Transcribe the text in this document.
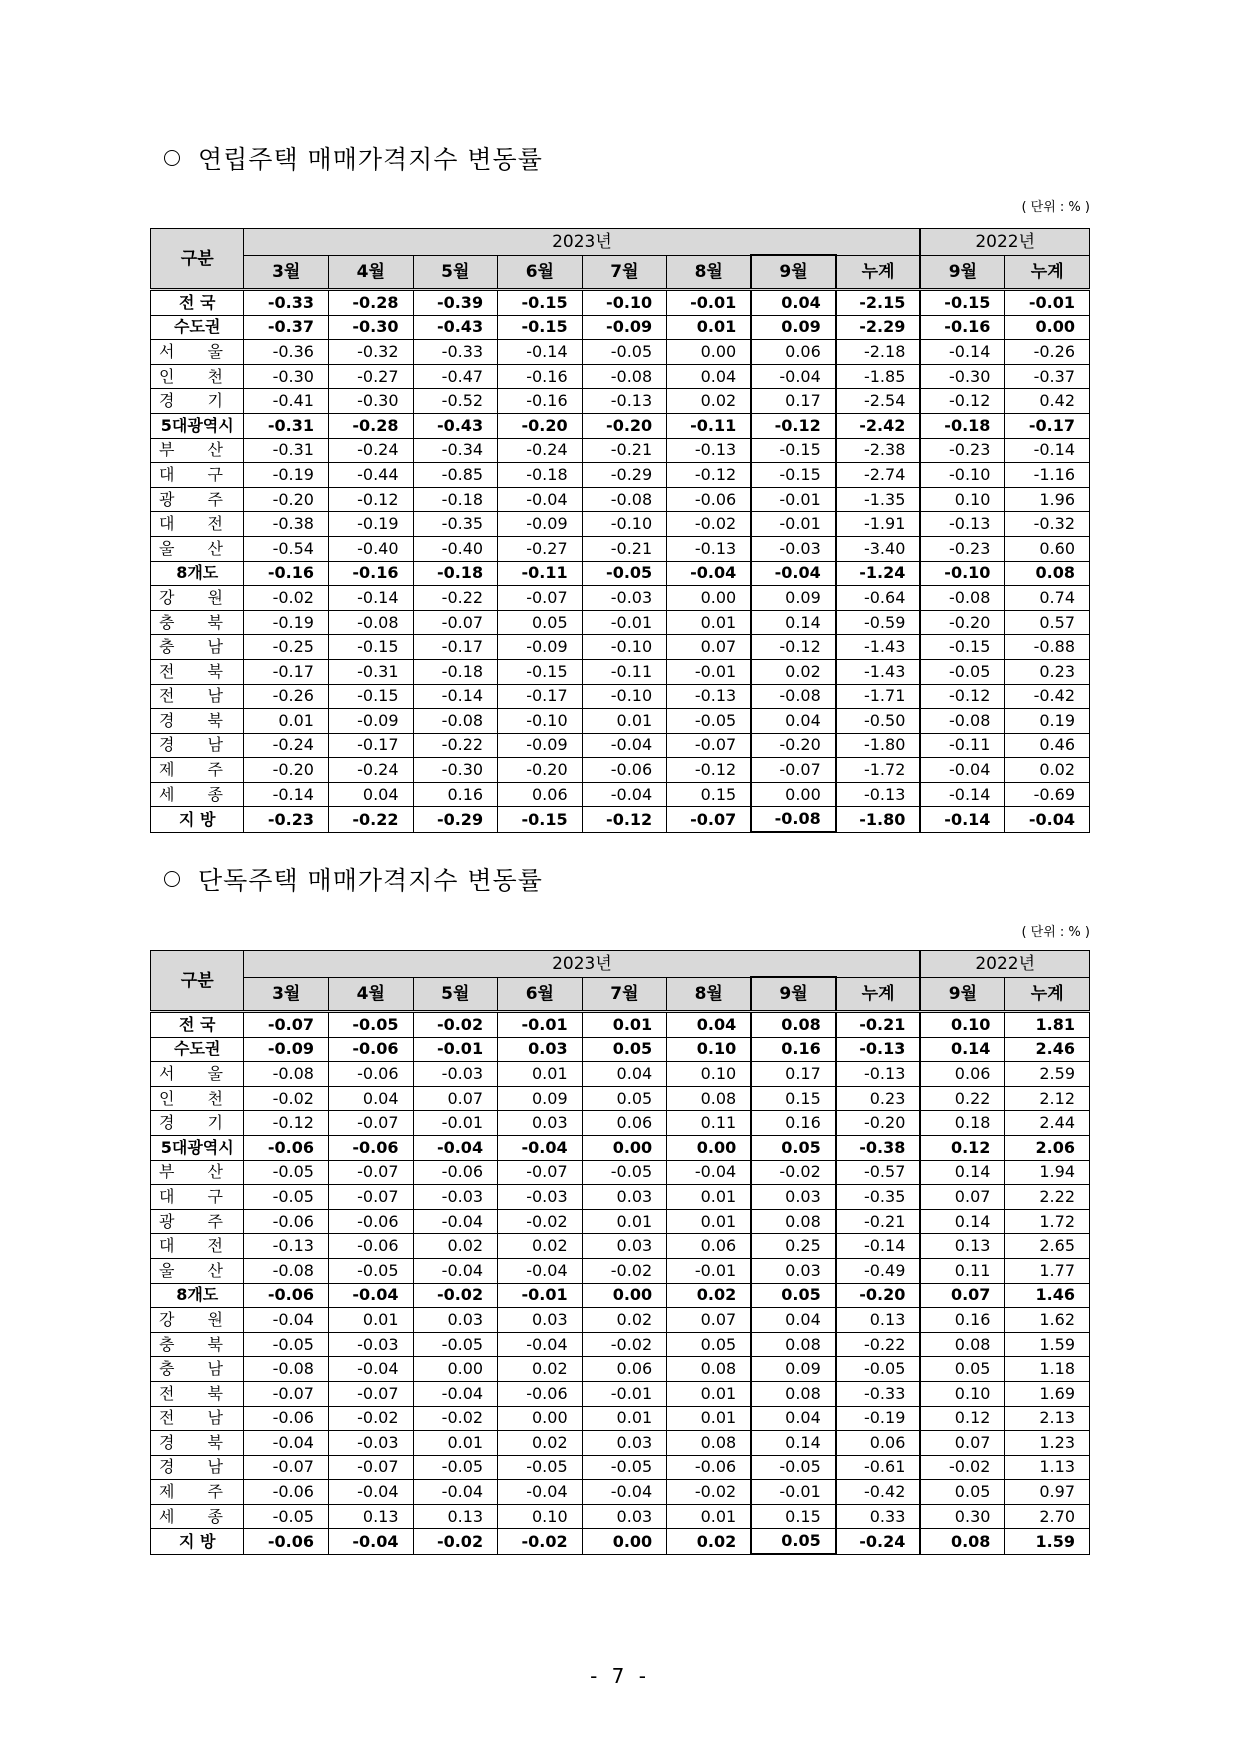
연립주택 매매가격지수 변동률
( 단위 : % )
구분	2023년								2022년	
	3월	4월	5월	6월	7월	8월	9월	누계	9월	누계
전 국	-0.33	-0.28	-0.39	-0.15	-0.10	-0.01	0.04	-2.15	-0.15	-0.01
수도권	-0.37	-0.30	-0.43	-0.15	-0.09	0.01	0.09	-2.29	-0.16	0.00
서 울	-0.36	-0.32	-0.33	-0.14	-0.05	0.00	0.06	-2.18	-0.14	-0.26
인 천	-0.30	-0.27	-0.47	-0.16	-0.08	0.04	-0.04	-1.85	-0.30	-0.37
경 기	-0.41	-0.30	-0.52	-0.16	-0.13	0.02	0.17	-2.54	-0.12	0.42
5대광역시	-0.31	-0.28	-0.43	-0.20	-0.20	-0.11	-0.12	-2.42	-0.18	-0.17
부 산	-0.31	-0.24	-0.34	-0.24	-0.21	-0.13	-0.15	-2.38	-0.23	-0.14
대 구	-0.19	-0.44	-0.85	-0.18	-0.29	-0.12	-0.15	-2.74	-0.10	-1.16
광 주	-0.20	-0.12	-0.18	-0.04	-0.08	-0.06	-0.01	-1.35	0.10	1.96
대 전	-0.38	-0.19	-0.35	-0.09	-0.10	-0.02	-0.01	-1.91	-0.13	-0.32
울 산	-0.54	-0.40	-0.40	-0.27	-0.21	-0.13	-0.03	-3.40	-0.23	0.60
8개도	-0.16	-0.16	-0.18	-0.11	-0.05	-0.04	-0.04	-1.24	-0.10	0.08
강 원	-0.02	-0.14	-0.22	-0.07	-0.03	0.00	0.09	-0.64	-0.08	0.74
충 북	-0.19	-0.08	-0.07	0.05	-0.01	0.01	0.14	-0.59	-0.20	0.57
충 남	-0.25	-0.15	-0.17	-0.09	-0.10	0.07	-0.12	-1.43	-0.15	-0.88
전 북	-0.17	-0.31	-0.18	-0.15	-0.11	-0.01	0.02	-1.43	-0.05	0.23
전 남	-0.26	-0.15	-0.14	-0.17	-0.10	-0.13	-0.08	-1.71	-0.12	-0.42
경 북	0.01	-0.09	-0.08	-0.10	0.01	-0.05	0.04	-0.50	-0.08	0.19
경 남	-0.24	-0.17	-0.22	-0.09	-0.04	-0.07	-0.20	-1.80	-0.11	0.46
제 주	-0.20	-0.24	-0.30	-0.20	-0.06	-0.12	-0.07	-1.72	-0.04	0.02
세 종	-0.14	0.04	0.16	0.06	-0.04	0.15	0.00	-0.13	-0.14	-0.69
지 방	-0.23	-0.22	-0.29	-0.15	-0.12	-0.07	-0.08	-1.80	-0.14	-0.04
단독주택 매매가격지수 변동률
( 단위 : % )
구분	2023년								2022년	
	3월	4월	5월	6월	7월	8월	9월	누계	9월	누계
전 국	-0.07	-0.05	-0.02	-0.01	0.01	0.04	0.08	-0.21	0.10	1.81
수도권	-0.09	-0.06	-0.01	0.03	0.05	0.10	0.16	-0.13	0.14	2.46
서 울	-0.08	-0.06	-0.03	0.01	0.04	0.10	0.17	-0.13	0.06	2.59
인 천	-0.02	0.04	0.07	0.09	0.05	0.08	0.15	0.23	0.22	2.12
경 기	-0.12	-0.07	-0.01	0.03	0.06	0.11	0.16	-0.20	0.18	2.44
5대광역시	-0.06	-0.06	-0.04	-0.04	0.00	0.00	0.05	-0.38	0.12	2.06
부 산	-0.05	-0.07	-0.06	-0.07	-0.05	-0.04	-0.02	-0.57	0.14	1.94
대 구	-0.05	-0.07	-0.03	-0.03	0.03	0.01	0.03	-0.35	0.07	2.22
광 주	-0.06	-0.06	-0.04	-0.02	0.01	0.01	0.08	-0.21	0.14	1.72
대 전	-0.13	-0.06	0.02	0.02	0.03	0.06	0.25	-0.14	0.13	2.65
울 산	-0.08	-0.05	-0.04	-0.04	-0.02	-0.01	0.03	-0.49	0.11	1.77
8개도	-0.06	-0.04	-0.02	-0.01	0.00	0.02	0.05	-0.20	0.07	1.46
강 원	-0.04	0.01	0.03	0.03	0.02	0.07	0.04	0.13	0.16	1.62
충 북	-0.05	-0.03	-0.05	-0.04	-0.02	0.05	0.08	-0.22	0.08	1.59
충 남	-0.08	-0.04	0.00	0.02	0.06	0.08	0.09	-0.05	0.05	1.18
전 북	-0.07	-0.07	-0.04	-0.06	-0.01	0.01	0.08	-0.33	0.10	1.69
전 남	-0.06	-0.02	-0.02	0.00	0.01	0.01	0.04	-0.19	0.12	2.13
경 북	-0.04	-0.03	0.01	0.02	0.03	0.08	0.14	0.06	0.07	1.23
경 남	-0.07	-0.07	-0.05	-0.05	-0.05	-0.06	-0.05	-0.61	-0.02	1.13
제 주	-0.06	-0.04	-0.04	-0.04	-0.04	-0.02	-0.01	-0.42	0.05	0.97
세 종	-0.05	0.13	0.13	0.10	0.03	0.01	0.15	0.33	0.30	2.70
지 방	-0.06	-0.04	-0.02	-0.02	0.00	0.02	0.05	-0.24	0.08	1.59
- 7 -
